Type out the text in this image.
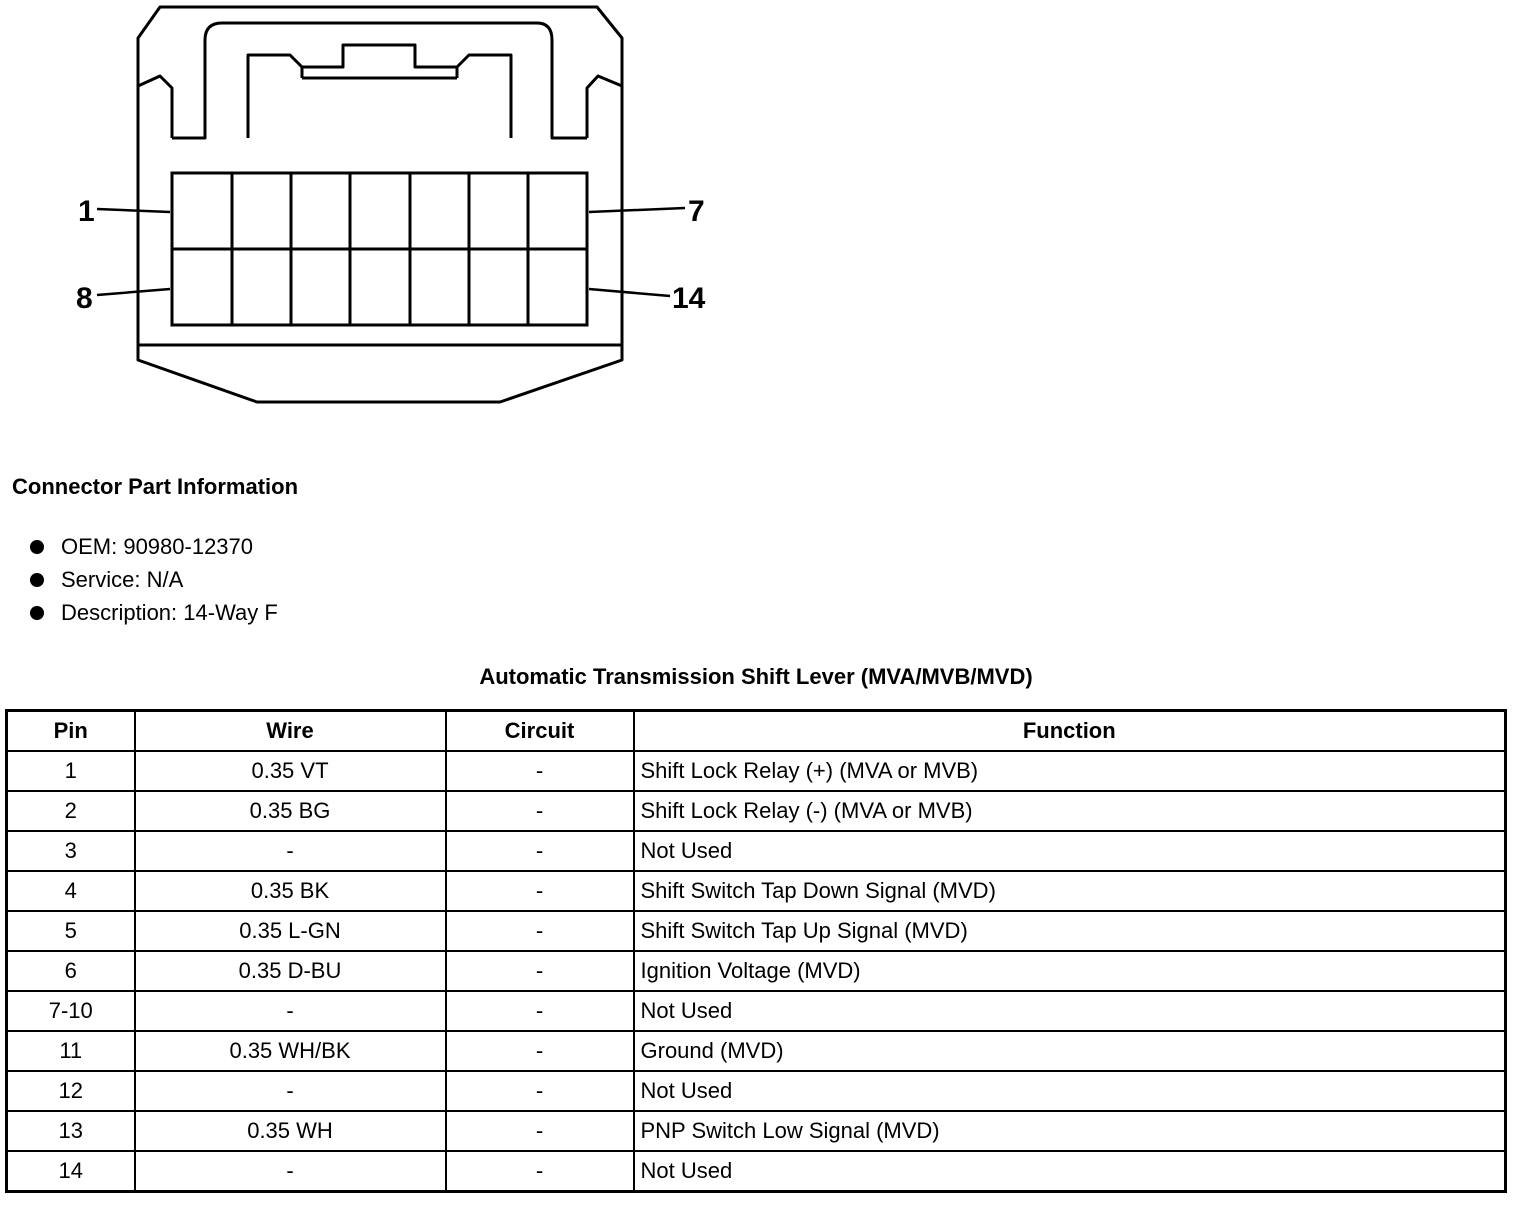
1
8
7
14
Connector Part Information
OEM: 90980-12370
Service: N/A
Description: 14-Way F
Automatic Transmission Shift Lever (MVA/MVB/MVD)
Pin	Wire	Circuit	Function
1	0.35 VT	-	Shift Lock Relay (+) (MVA or MVB)
2	0.35 BG	-	Shift Lock Relay (-) (MVA or MVB)
3	-	-	Not Used
4	0.35 BK	-	Shift Switch Tap Down Signal (MVD)
5	0.35 L-GN	-	Shift Switch Tap Up Signal (MVD)
6	0.35 D-BU	-	Ignition Voltage (MVD)
7-10	-	-	Not Used
11	0.35 WH/BK	-	Ground (MVD)
12	-	-	Not Used
13	0.35 WH	-	PNP Switch Low Signal (MVD)
14	-	-	Not Used
